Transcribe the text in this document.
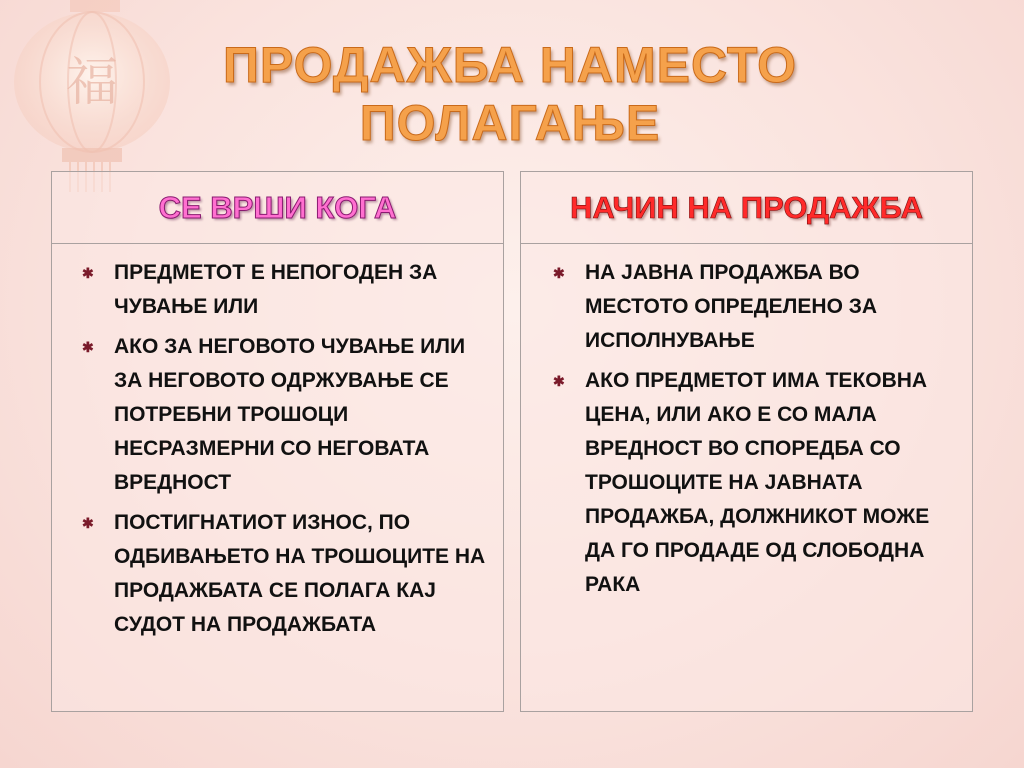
福	ПРОДАЖБА НАМЕСТО
ПОЛАГАЊЕ
СЕ ВРШИ КОГА
✱ ПРЕДМЕТОТ Е НЕПОГОДЕН ЗА ЧУВАЊЕ ИЛИ
✱ АКО ЗА НЕГОВОТО ЧУВАЊЕ ИЛИ ЗА НЕГОВОТО ОДРЖУВАЊЕ СЕ ПОТРЕБНИ ТРОШОЦИ НЕСРАЗМЕРНИ СО НЕГОВАТА ВРЕДНОСТ
✱ ПОСТИГНАТИОТ ИЗНОС, ПО ОДБИВАЊЕТО НА ТРОШОЦИТЕ НА ПРОДАЖБАТА СЕ ПОЛАГА КАЈ СУДОТ НА ПРОДАЖБАТА
НАЧИН НА ПРОДАЖБА
✱ НА ЈАВНА ПРОДАЖБА ВО МЕСТОТО ОПРЕДЕЛЕНО ЗА ИСПОЛНУВАЊЕ
✱ АКО ПРЕДМЕТОТ ИМА ТЕКОВНА ЦЕНА, ИЛИ АКО Е СО МАЛА ВРЕДНОСТ ВО СПОРЕДБА СО ТРОШОЦИТЕ НА ЈАВНАТА ПРОДАЖБА, ДОЛЖНИКОТ МОЖЕ ДА ГО ПРОДАДЕ ОД СЛОБОДНА РАКА
